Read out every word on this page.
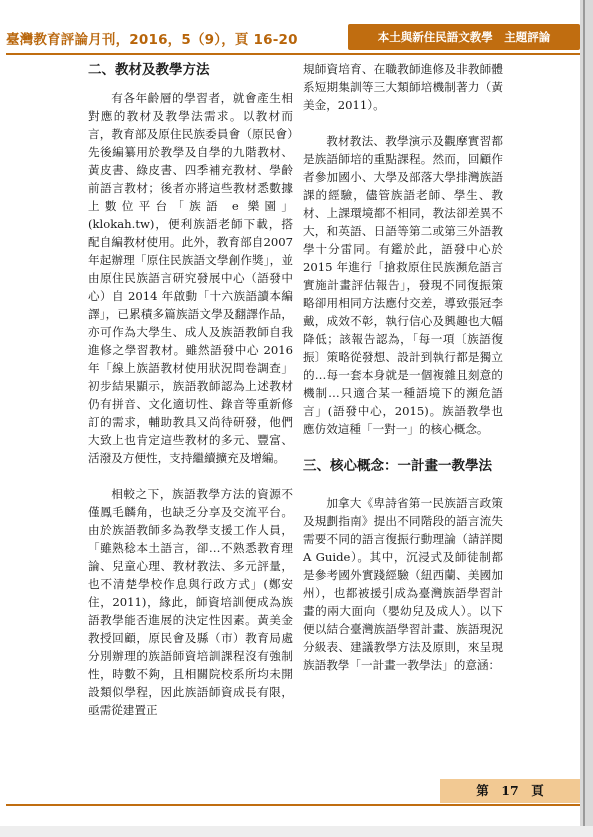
臺灣教育評論月刊，2016，5（9），頁 16-20	本土與新住民語文教學　主題評論
二、教材及教學方法

有各年齡層的學習者，就會產生相對應的教材及教學法需求。以教材而言，教育部及原住民族委員會（原民會）先後編纂用於教學及自學的九階教材、黃皮書、綠皮書、四季補充教材、學齡前語言教材；後者亦將這些教材悉數據上數位平台「族語 e 樂園」(klokah.tw)，便利族語老師下載，搭配自編教材使用。此外，教育部自2007 年起辦理「原住民族語文學創作獎」，並由原住民族語言研究發展中心（語發中心）自 2014 年啟動「十六族語讀本編譯」，已累積多篇族語文學及翻譯作品，亦可作為大學生、成人及族語教師自我進修之學習教材。雖然語發中心 2016 年「線上族語教材使用狀況問卷調查」初步結果顯示，族語教師認為上述教材仍有拼音、文化適切性、錄音等重新修訂的需求，輔助教具又尚待研發，他們大致上也肯定這些教材的多元、豐富、活潑及方便性，支持繼續擴充及增編。

相較之下，族語教學方法的資源不僅鳳毛麟角，也缺乏分享及交流平台。由於族語教師多為教學支援工作人員，「雖熟稔本土語言，卻…不熟悉教育理論、兒童心理、教材教法、多元評量，也不清楚學校作息與行政方式」(鄭安住，2011)，緣此，師資培訓便成為族語教學能否進展的決定性因素。黃美金教授回顧，原民會及縣（市）教育局處分別辦理的族語師資培訓課程沒有強制性，時數不夠，且相關院校系所均未開設類似學程，因此族語師資成長有限，亟需從建置正

規師資培育、在職教師進修及非教師體系短期集訓等三大類師培機制著力（黃美金，2011）。

教材教法、教學演示及觀摩實習都是族語師培的重點課程。然而，回顧作者參加國小、大學及部落大學排灣族語課的經驗，儘管族語老師、學生、教材、上課環境都不相同，教法卻差異不大，和英語、日語等第二或第三外語教學十分雷同。有鑑於此，語發中心於 2015 年進行「搶救原住民族瀕危語言實施計畫評估報告」，發現不同復振策略卻用相同方法應付交差，導致張冠李戴，成效不彰，執行信心及興趣也大幅降低；該報告認為，「每一項〔族語復振〕策略從發想、設計到執行都是獨立的…每一套本身就是一個複雜且刻意的機制…只適合某一種語境下的瀕危語言」(語發中心，2015)。族語教學也應仿效這種「一對一」的核心概念。

三、核心概念：一計畫一教學法

加拿大《卑詩省第一民族語言政策及規劃指南》提出不同階段的語言流失需要不同的語言復振行動理論（請詳閱 A Guide）。其中，沉浸式及師徒制都是參考國外實踐經驗（紐西蘭、美國加州），也都被援引成為臺灣族語學習計畫的兩大面向（嬰幼兒及成人）。以下便以結合臺灣族語學習計畫、族語現況分級表、建議教學方法及原則，來呈現族語教學「一計畫一教學法」的意涵：

第　17　頁
